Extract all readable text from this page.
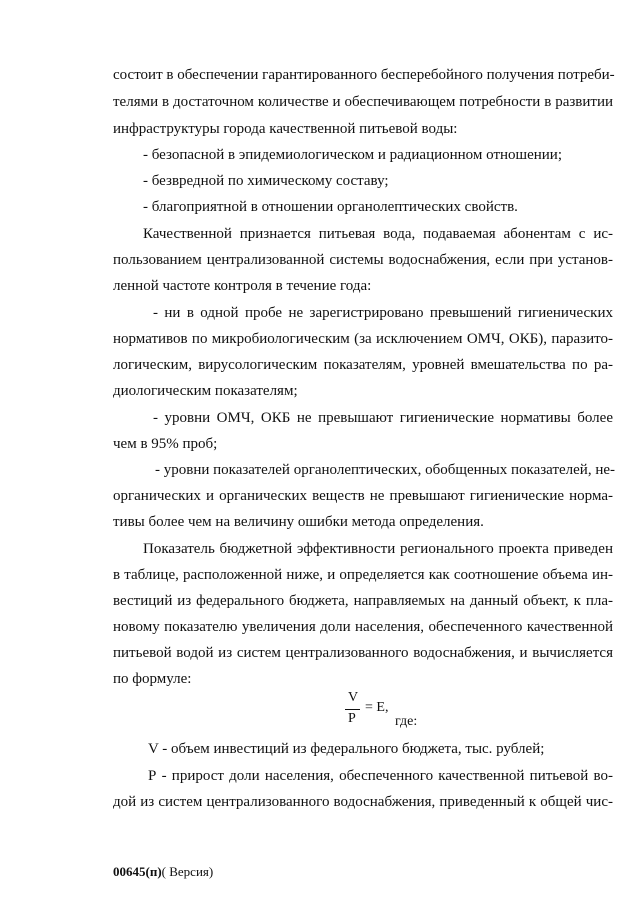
состоит в обеспечении гарантированного бесперебойного получения потреби-
телями в достаточном количестве и обеспечивающем потребности в развитии
инфраструктуры города качественной питьевой воды:
- безопасной в эпидемиологическом и радиационном отношении;
- безвредной по химическому составу;
- благоприятной в отношении органолептических свойств.
Качественной признается питьевая вода, подаваемая абонентам с ис-
пользованием централизованной системы водоснабжения, если при установ-
ленной частоте контроля в течение года:
- ни в одной пробе не зарегистрировано превышений гигиенических
нормативов по микробиологическим (за исключением ОМЧ, ОКБ), паразито-
логическим, вирусологическим показателям, уровней вмешательства по ра-
диологическим показателям;
- уровни ОМЧ, ОКБ не превышают гигиенические нормативы более
чем в 95% проб;
- уровни показателей органолептических, обобщенных показателей, не-
органических и органических веществ не превышают гигиенические норма-
тивы более чем на величину ошибки метода определения.
Показатель бюджетной эффективности регионального проекта приведен
в таблице, расположенной ниже, и определяется как соотношение объема ин-
вестиций из федерального бюджета, направляемых на данный объект, к пла-
новому показателю увеличения доли населения, обеспеченного качественной
питьевой водой из систем централизованного водоснабжения, и вычисляется
по формуле:
V
P
= E,
где:
V - объем инвестиций из федерального бюджета, тыс. рублей;
Р - прирост доли населения, обеспеченного качественной питьевой во-
дой из систем централизованного водоснабжения, приведенный к общей чис-
00645(п)( Версия)
